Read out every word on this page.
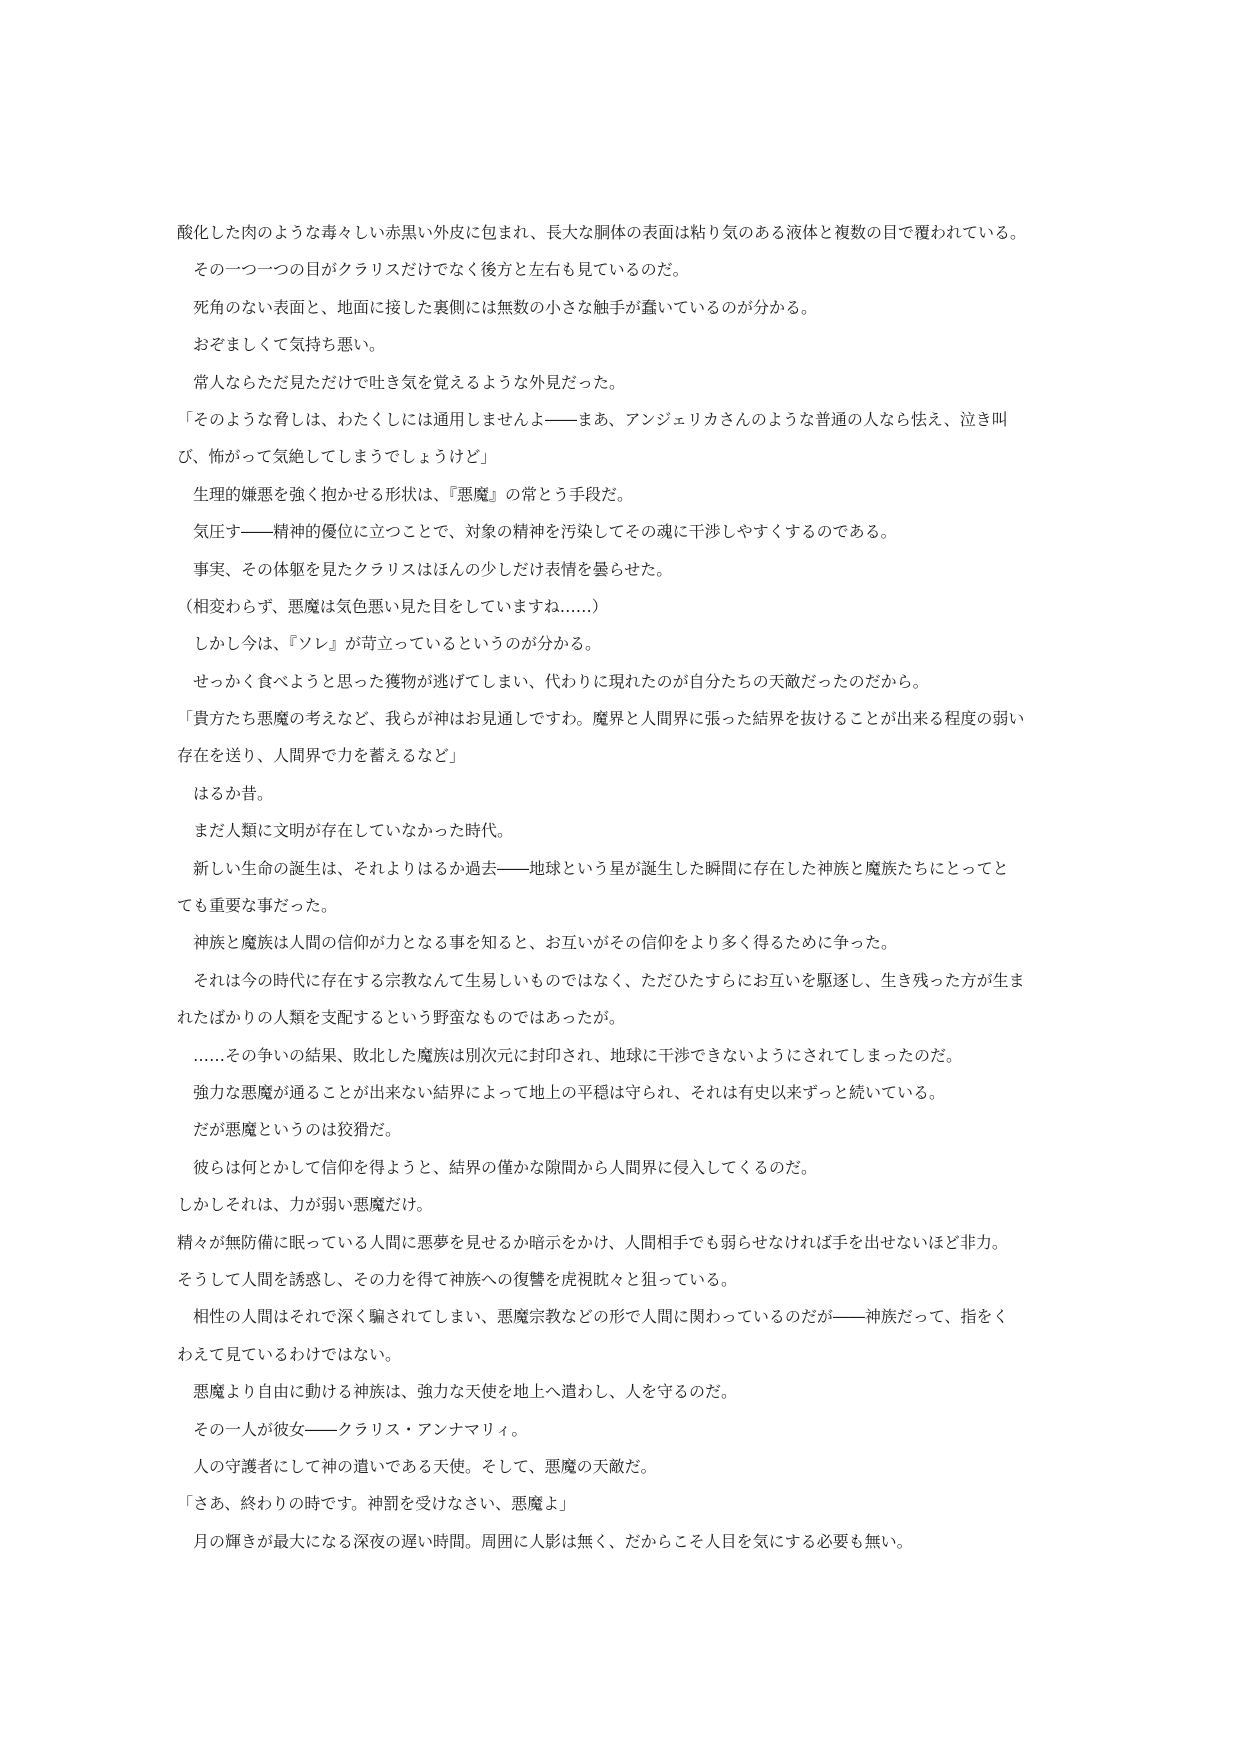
酸化した肉のような毒々しい赤黒い外皮に包まれ、長大な胴体の表面は粘り気のある液体と複数の目で覆われている。
　その一つ一つの目がクラリスだけでなく後方と左右も見ているのだ。
　死角のない表面と、地面に接した裏側には無数の小さな触手が蠢いているのが分かる。
　おぞましくて気持ち悪い。
　常人ならただ見ただけで吐き気を覚えるような外見だった。
「そのような脅しは、わたくしには通用しませんよ――まあ、アンジェリカさんのような普通の人なら怯え、泣き叫
び、怖がって気絶してしまうでしょうけど」
　生理的嫌悪を強く抱かせる形状は、『悪魔』の常とう手段だ。
　気圧す――精神的優位に立つことで、対象の精神を汚染してその魂に干渉しやすくするのである。
　事実、その体躯を見たクラリスはほんの少しだけ表情を曇らせた。
（相変わらず、悪魔は気色悪い見た目をしていますね……）
　しかし今は、『ソレ』が苛立っているというのが分かる。
　せっかく食べようと思った獲物が逃げてしまい、代わりに現れたのが自分たちの天敵だったのだから。
「貴方たち悪魔の考えなど、我らが神はお見通しですわ。魔界と人間界に張った結界を抜けることが出来る程度の弱い
存在を送り、人間界で力を蓄えるなど」
　はるか昔。
　まだ人類に文明が存在していなかった時代。
　新しい生命の誕生は、それよりはるか過去――地球という星が誕生した瞬間に存在した神族と魔族たちにとってと
ても重要な事だった。
　神族と魔族は人間の信仰が力となる事を知ると、お互いがその信仰をより多く得るために争った。
　それは今の時代に存在する宗教なんて生易しいものではなく、ただひたすらにお互いを駆逐し、生き残った方が生ま
れたばかりの人類を支配するという野蛮なものではあったが。
　……その争いの結果、敗北した魔族は別次元に封印され、地球に干渉できないようにされてしまったのだ。
　強力な悪魔が通ることが出来ない結界によって地上の平穏は守られ、それは有史以来ずっと続いている。
　だが悪魔というのは狡猾だ。
　彼らは何とかして信仰を得ようと、結界の僅かな隙間から人間界に侵入してくるのだ。
しかしそれは、力が弱い悪魔だけ。
精々が無防備に眠っている人間に悪夢を見せるか暗示をかけ、人間相手でも弱らせなければ手を出せないほど非力。
そうして人間を誘惑し、その力を得て神族への復讐を虎視眈々と狙っている。
　相性の人間はそれで深く騙されてしまい、悪魔宗教などの形で人間に関わっているのだが――神族だって、指をく
わえて見ているわけではない。
　悪魔より自由に動ける神族は、強力な天使を地上へ遣わし、人を守るのだ。
　その一人が彼女――クラリス・アンナマリィ。
　人の守護者にして神の遣いである天使。そして、悪魔の天敵だ。
「さあ、終わりの時です。神罰を受けなさい、悪魔よ」
　月の輝きが最大になる深夜の遅い時間。周囲に人影は無く、だからこそ人目を気にする必要も無い。
